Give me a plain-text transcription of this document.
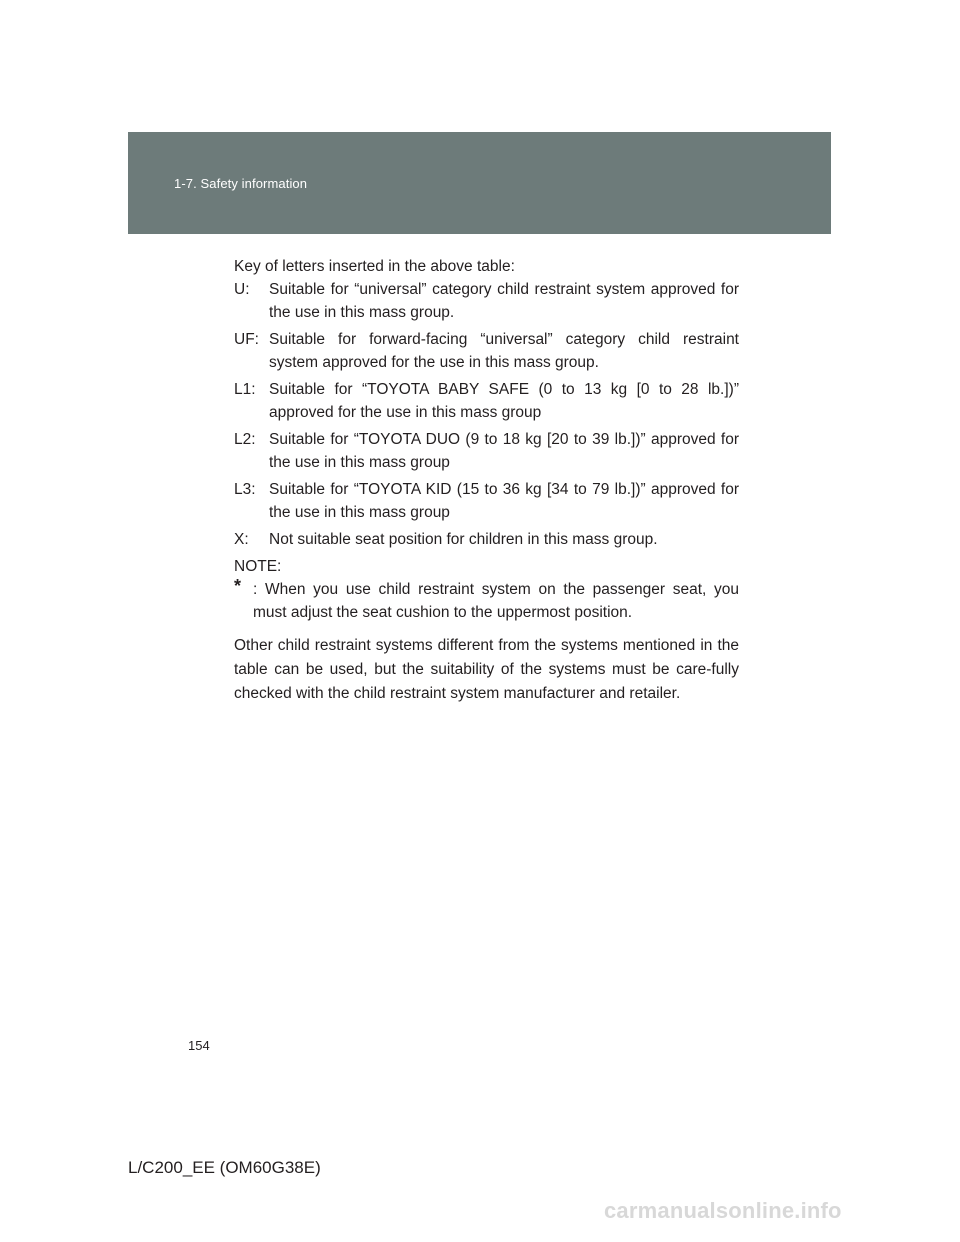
1-7. Safety information

Key of letters inserted in the above table:

U: Suitable for “universal” category child restraint system approved for the use in this mass group.
UF: Suitable for forward-facing “universal” category child restraint system approved for the use in this mass group.
L1: Suitable for “TOYOTA BABY SAFE (0 to 13 kg [0 to 28 lb.])” approved for the use in this mass group
L2: Suitable for “TOYOTA DUO (9 to 18 kg [20 to 39 lb.])” approved for the use in this mass group
L3: Suitable for “TOYOTA KID (15 to 36 kg [34 to 79 lb.])” approved for the use in this mass group
X: Not suitable seat position for children in this mass group.

NOTE:

* : When you use child restraint system on the passenger seat, you must adjust the seat cushion to the uppermost position.

Other child restraint systems different from the systems mentioned in the table can be used, but the suitability of the systems must be care-fully checked with the child restraint system manufacturer and retailer.

154
L/C200_EE (OM60G38E)
carmanualsonline.info
